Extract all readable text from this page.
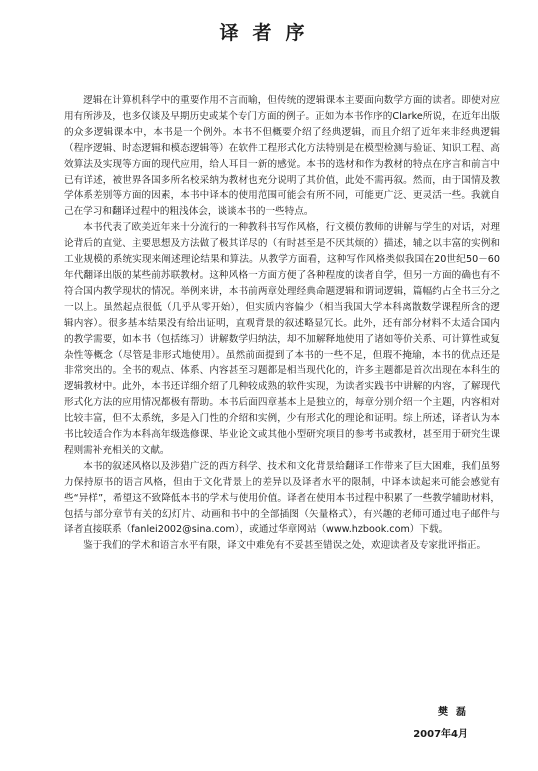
译者序

逻辑在计算机科学中的重要作用不言而喻，但传统的逻辑课本主要面向数学方面的读者。即使对应用有所涉及，也多仅谈及早期历史或某个专门方面的例子。正如为本书作序的Clarke所说，在近年出版的众多逻辑课本中，本书是一个例外。本书不但概要介绍了经典逻辑，而且介绍了近年来非经典逻辑（程序逻辑、时态逻辑和模态逻辑等）在软件工程形式化方法特别是在模型检测与验证、知识工程、高效算法及实现等方面的现代应用，给人耳目一新的感觉。本书的选材和作为教材的特点在序言和前言中已有详述，被世界各国多所名校采纳为教材也充分说明了其价值，此处不需再叙。然而，由于国情及教学体系差别等方面的因素，本书中译本的使用范围可能会有所不同，可能更广泛、更灵活一些。我就自己在学习和翻译过程中的粗浅体会，谈谈本书的一些特点。

本书代表了欧美近年来十分流行的一种教科书写作风格，行文模仿教师的讲解与学生的对话，对理论背后的直觉、主要思想及方法做了极其详尽的（有时甚至是不厌其烦的）描述，辅之以丰富的实例和工业规模的系统实现来阐述理论结果和算法。从教学方面看，这种写作风格类似我国在20世纪50－60年代翻译出版的某些前苏联教材。这种风格一方面方便了各种程度的读者自学，但另一方面的确也有不符合国内教学现状的情况。举例来讲，本书前两章处理经典命题逻辑和谓词逻辑，篇幅约占全书三分之一以上。虽然起点很低（几乎从零开始），但实质内容偏少（相当我国大学本科离散数学课程所含的逻辑内容）。很多基本结果没有给出证明，直观背景的叙述略显冗长。此外，还有部分材料不太适合国内的教学需要，如本书（包括练习）讲解数学归纳法，却不加解释地使用了诸如等价关系、可计算性或复杂性等概念（尽管是非形式地使用）。虽然前面提到了本书的一些不足，但瑕不掩瑜，本书的优点还是非常突出的。全书的观点、体系、内容甚至习题都是相当现代化的，许多主题都是首次出现在本科生的逻辑教材中。此外，本书还详细介绍了几种较成熟的软件实现，为读者实践书中讲解的内容，了解现代形式化方法的应用情况都极有帮助。本书后面四章基本上是独立的，每章分别介绍一个主题，内容相对比较丰富，但不太系统，多是入门性的介绍和实例，少有形式化的理论和证明。综上所述，译者认为本书比较适合作为本科高年级选修课、毕业论文或其他小型研究项目的参考书或教材，甚至用于研究生课程则需补充相关的文献。

本书的叙述风格以及涉猎广泛的西方科学、技术和文化背景给翻译工作带来了巨大困难，我们虽努力保持原书的语言风格，但由于文化背景上的差异以及译者水平的限制，中译本读起来可能会感觉有些“异样”，希望这不致降低本书的学术与使用价值。译者在使用本书过程中积累了一些教学辅助材料，包括与部分章节有关的幻灯片、动画和书中的全部插图（矢量格式），有兴趣的老师可通过电子邮件与译者直接联系（fanlei2002@sina.com），或通过华章网站（www.hzbook.com）下载。

鉴于我们的学术和语言水平有限，译文中难免有不妥甚至错误之处，欢迎读者及专家批评指正。

樊磊
2007年4月
